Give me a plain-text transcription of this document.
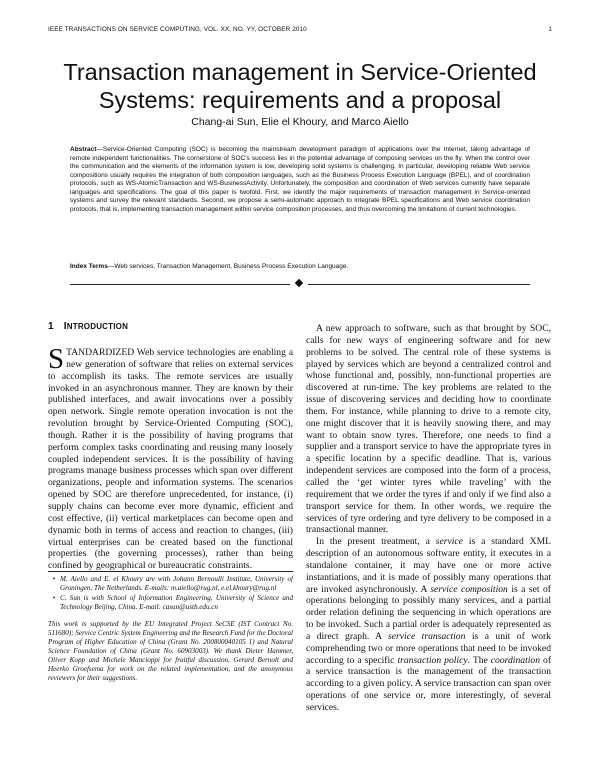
IEEE TRANSACTIONS ON SERVICE COMPUTING, VOL. XX, NO. YY, OCTOBER 2010	1
Transaction management in Service-Oriented
Systems: requirements and a proposal
Chang-ai Sun, Elie el Khoury, and Marco Aiello
Abstract—Service-Oriented Computing (SOC) is becoming the mainstream development paradigm of applications over the Internet, taking advantage of remote independent functionalities. The cornerstone of SOC's success lies in the potential advantage of composing services on the fly. When the control over the communication and the elements of the information system is low, developing solid systems is challenging. In particular, developing reliable Web service compositions usually requires the integration of both composition languages, such as the Business Process Execution Language (BPEL), and of coordination protocols, such as WS-AtomicTransaction and WS-BusinessActivity. Unfortunately, the composition and coordination of Web services currently have separate languages and specifications. The goal of this paper is twofold. First, we identify the major requirements of transaction management in Service-oriented systems and survey the relevant standards. Second, we propose a semi-automatic approach to integrate BPEL specifications and Web service coordination protocols, that is, implementing transaction management within service composition processes, and thus overcoming the limitations of current technologies.
Index Terms—Web services, Transaction Management, Business Process Execution Language.
1 INTRODUCTION

STANDARDIZED Web service technologies are enabling a new generation of software that relies on external services to accomplish its tasks. The remote services are usually invoked in an asynchronous manner. They are known by their published interfaces, and await invocations over a possibly open network. Single remote operation invocation is not the revolution brought by Service-Oriented Computing (SOC), though. Rather it is the possibility of having programs that perform complex tasks coordinating and reusing many loosely coupled independent services. It is the possibility of having programs manage business processes which span over different organizations, people and information systems. The scenarios opened by SOC are therefore unprecedented, for instance, (i) supply chains can become ever more dynamic, efficient and cost effective, (ii) vertical marketplaces can become open and dynamic both in terms of access and reaction to changes, (iii) virtual enterprises can be created based on the functional properties (the governing processes), rather than being confined by geographical or bureaucratic constraints.

• M. Aiello and E. el Khoury are with Johann Bernoulli Institute, University of Groningen, The Netherlands. E-mails: m.aiello@rug.nl, e.el.khoury@rug.nl
• C. Sun is with School of Information Engineering, University of Science and Technology Beijing, China. E-mail: casun@ustb.edu.cn
This work is supported by the EU Integrated Project SeCSE (IST Contract No. 511680); Service Centric System Engineering and the Research Fund for the Doctoral Program of Higher Education of China (Grant No. 200800040105 1) and Natural Science Foundation of China (Grant No. 60903003). We thank Dieter Hammer, Oliver Kopp and Michele Mancioppi for fruitful discussion, Gerard Bernolt and Heerko Groefsema for work on the related implementation, and the anonymous reviewers for their suggestions.

A new approach to software, such as that brought by SOC, calls for new ways of engineering software and for new problems to be solved. The central role of these systems is played by services which are beyond a centralized control and whose functional and, possibly, non-functional properties are discovered at run-time. The key problems are related to the issue of discovering services and deciding how to coordinate them. For instance, while planning to drive to a remote city, one might discover that it is heavily snowing there, and may want to obtain snow tyres. Therefore, one needs to find a supplier and a transport service to have the appropriate tyres in a specific location by a specific deadline. That is, various independent services are composed into the form of a process, called the ‘get winter tyres while traveling’ with the requirement that we order the tyres if and only if we find also a transport service for them. In other words, we require the services of tyre ordering and tyre delivery to be composed in a transactional manner.

In the present treatment, a service is a standard XML description of an autonomous software entity, it executes in a standalone container, it may have one or more active instantiations, and it is made of possibly many operations that are invoked asynchronously. A service composition is a set of operations belonging to possibly many services, and a partial order relation defining the sequencing in which operations are to be invoked. Such a partial order is adequately represented as a direct graph. A service transaction is a unit of work comprehending two or more operations that need to be invoked according to a specific transaction policy. The coordination of a service transaction is the management of the transaction according to a given policy. A service transaction can span over operations of one service or, more interestingly, of several services.
